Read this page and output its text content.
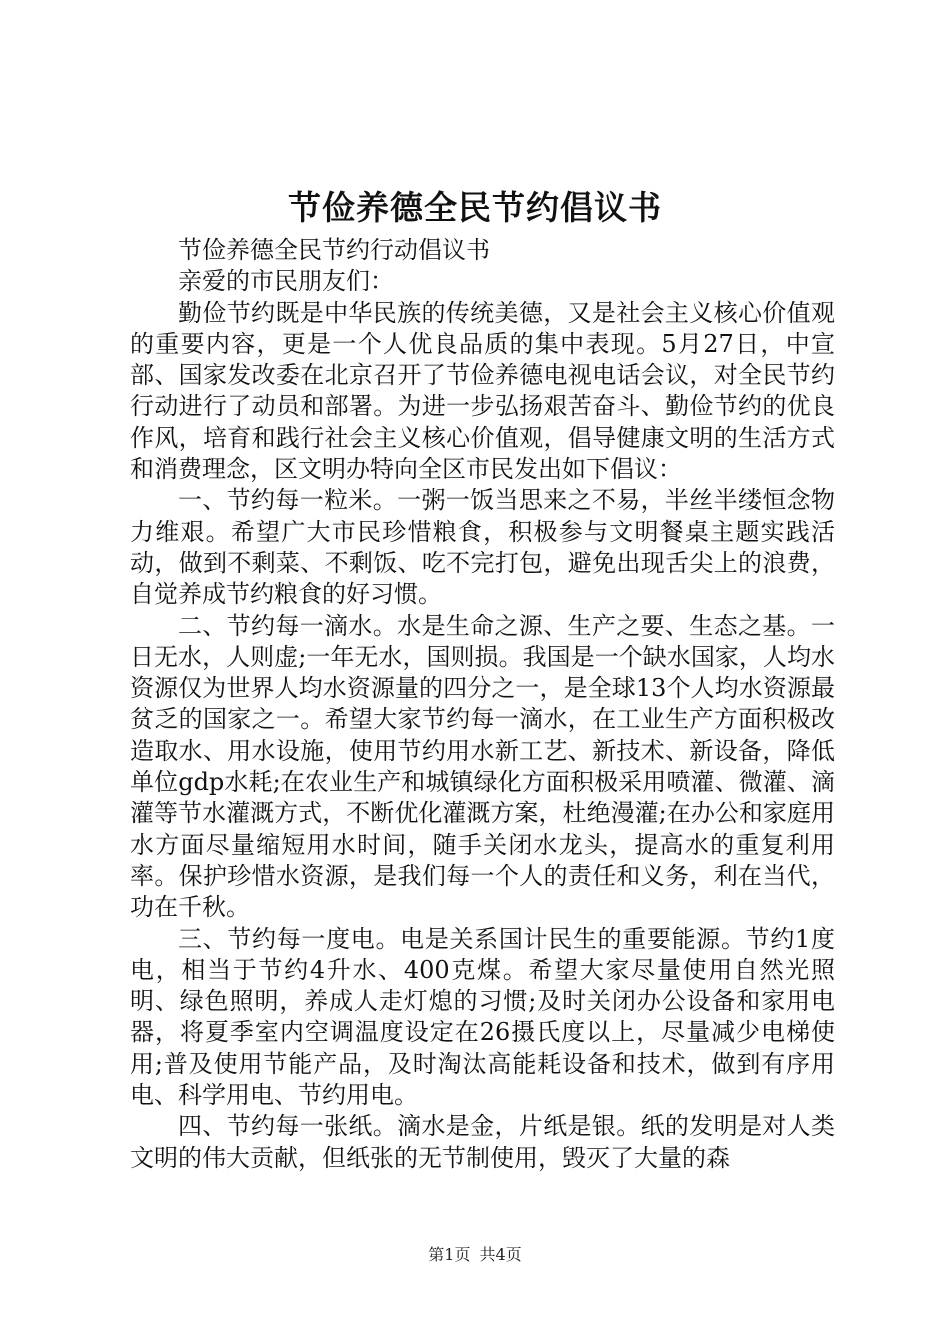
节俭养德全民节约倡议书

节俭养德全民节约行动倡议书

亲爱的市民朋友们：

勤俭节约既是中华民族的传统美德，又是社会主义核心价值观的重要内容，更是一个人优良品质的集中表现。5月27日，中宣部、国家发改委在北京召开了节俭养德电视电话会议，对全民节约行动进行了动员和部署。为进一步弘扬艰苦奋斗、勤俭节约的优良作风，培育和践行社会主义核心价值观，倡导健康文明的生活方式和消费理念，区文明办特向全区市民发出如下倡议：

一、节约每一粒米。一粥一饭当思来之不易，半丝半缕恒念物力维艰。希望广大市民珍惜粮食，积极参与文明餐桌主题实践活动，做到不剩菜、不剩饭、吃不完打包，避免出现舌尖上的浪费，自觉养成节约粮食的好习惯。

二、节约每一滴水。水是生命之源、生产之要、生态之基。一日无水，人则虚;一年无水，国则损。我国是一个缺水国家，人均水资源仅为世界人均水资源量的四分之一，是全球13个人均水资源最贫乏的国家之一。希望大家节约每一滴水，在工业生产方面积极改造取水、用水设施，使用节约用水新工艺、新技术、新设备，降低单位gdp水耗;在农业生产和城镇绿化方面积极采用喷灌、微灌、滴灌等节水灌溉方式，不断优化灌溉方案，杜绝漫灌;在办公和家庭用水方面尽量缩短用水时间，随手关闭水龙头，提高水的重复利用率。保护珍惜水资源，是我们每一个人的责任和义务，利在当代，功在千秋。

三、节约每一度电。电是关系国计民生的重要能源。节约1度电，相当于节约4升水、400克煤。希望大家尽量使用自然光照明、绿色照明，养成人走灯熄的习惯;及时关闭办公设备和家用电器，将夏季室内空调温度设定在26摄氏度以上，尽量减少电梯使用;普及使用节能产品，及时淘汰高能耗设备和技术，做到有序用电、科学用电、节约用电。

四、节约每一张纸。滴水是金，片纸是银。纸的发明是对人类文明的伟大贡献，但纸张的无节制使用，毁灭了大量的森

第1页 共4页
